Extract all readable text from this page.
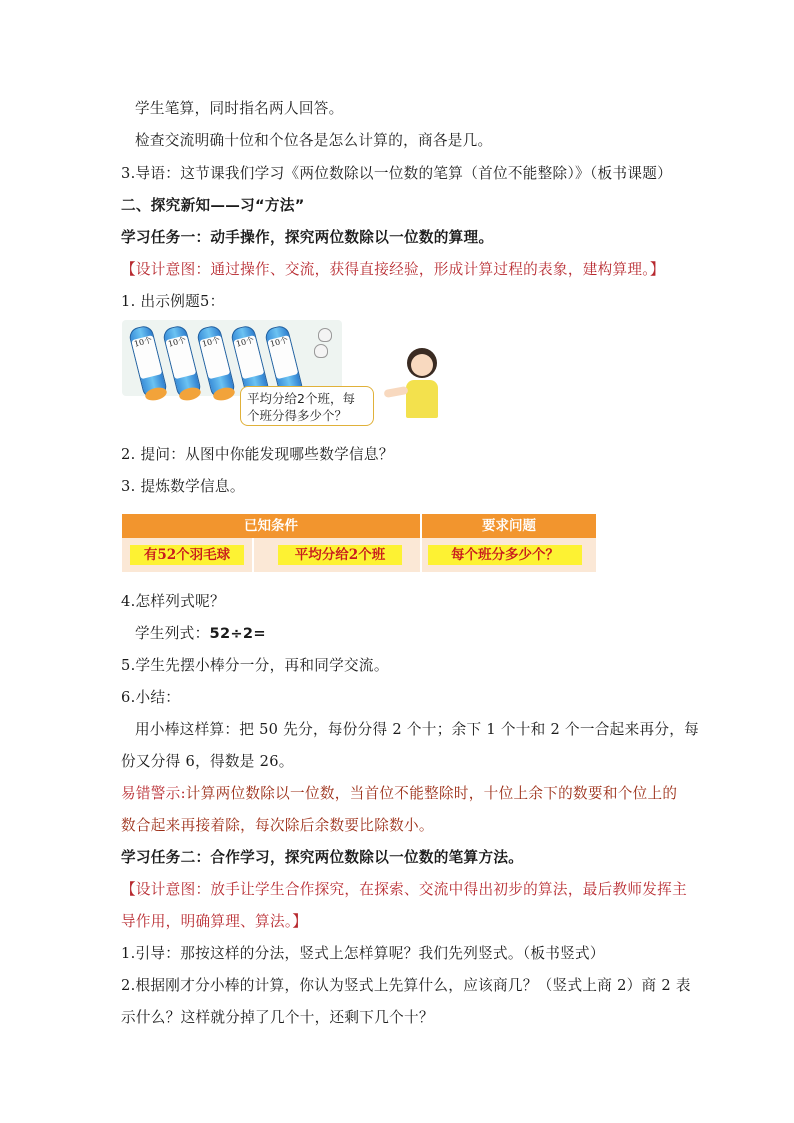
学生笔算，同时指名两人回答。
检查交流明确十位和个位各是怎么计算的，商各是几。
3.导语：这节课我们学习《两位数除以一位数的笔算（首位不能整除）》（板书课题）
二、探究新知——习“方法”
学习任务一：动手操作，探究两位数除以一位数的算理。
【设计意图：通过操作、交流，获得直接经验，形成计算过程的表象，建构算理。】
1. 出示例题5：
10个	10个	10个	10个	10个
平均分给2个班，每个班分得多少个？
2. 提问：从图中你能发现哪些数学信息？
3. 提炼数学信息。
已知条件	要求问题
有52个羽毛球	平均分给2个班	每个班分多少个？
4.怎样列式呢？
学生列式：52÷2=
5.学生先摆小棒分一分，再和同学交流。
6.小结：
用小棒这样算：把 50 先分，每份分得 2 个十；余下 1 个十和 2 个一合起来再分，每
份又分得 6，得数是 26。
易错警示:计算两位数除以一位数，当首位不能整除时，十位上余下的数要和个位上的
数合起来再接着除，每次除后余数要比除数小。
学习任务二：合作学习，探究两位数除以一位数的笔算方法。
【设计意图：放手让学生合作探究，在探索、交流中得出初步的算法，最后教师发挥主
导作用，明确算理、算法。】
1.引导：那按这样的分法，竖式上怎样算呢？我们先列竖式。（板书竖式）
2.根据刚才分小棒的计算，你认为竖式上先算什么，应该商几？（竖式上商 2）商 2 表
示什么？这样就分掉了几个十，还剩下几个十？
